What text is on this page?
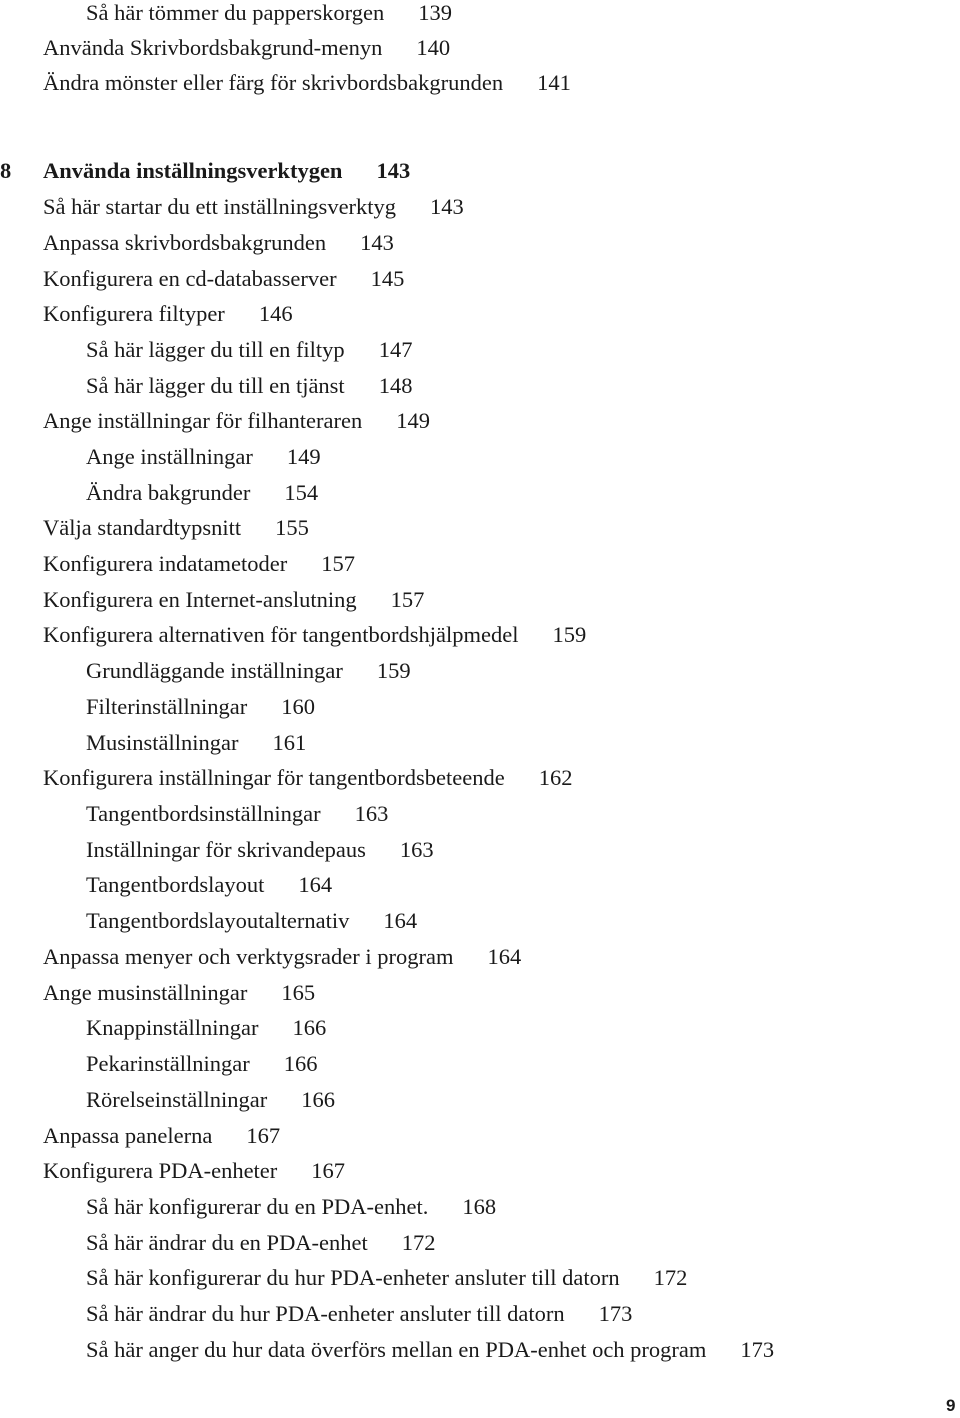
Så här tömmer du papperskorgen 139
Använda Skrivbordsbakgrund-menyn 140
Ändra mönster eller färg för skrivbordsbakgrunden 141
8 Använda inställningsverktygen 143
Så här startar du ett inställningsverktyg 143
Anpassa skrivbordsbakgrunden 143
Konfigurera en cd-databasserver 145
Konfigurera filtyper 146
Så här lägger du till en filtyp 147
Så här lägger du till en tjänst 148
Ange inställningar för filhanteraren 149
Ange inställningar 149
Ändra bakgrunder 154
Välja standardtypsnitt 155
Konfigurera indatametoder 157
Konfigurera en Internet-anslutning 157
Konfigurera alternativen för tangentbordshjälpmedel 159
Grundläggande inställningar 159
Filterinställningar 160
Musinställningar 161
Konfigurera inställningar för tangentbordsbeteende 162
Tangentbordsinställningar 163
Inställningar för skrivandepaus 163
Tangentbordslayout 164
Tangentbordslayoutalternativ 164
Anpassa menyer och verktygsrader i program 164
Ange musinställningar 165
Knappinställningar 166
Pekarinställningar 166
Rörelseinställningar 166
Anpassa panelerna 167
Konfigurera PDA-enheter 167
Så här konfigurerar du en PDA-enhet. 168
Så här ändrar du en PDA-enhet 172
Så här konfigurerar du hur PDA-enheter ansluter till datorn 172
Så här ändrar du hur PDA-enheter ansluter till datorn 173
Så här anger du hur data överförs mellan en PDA-enhet och program 173
9
